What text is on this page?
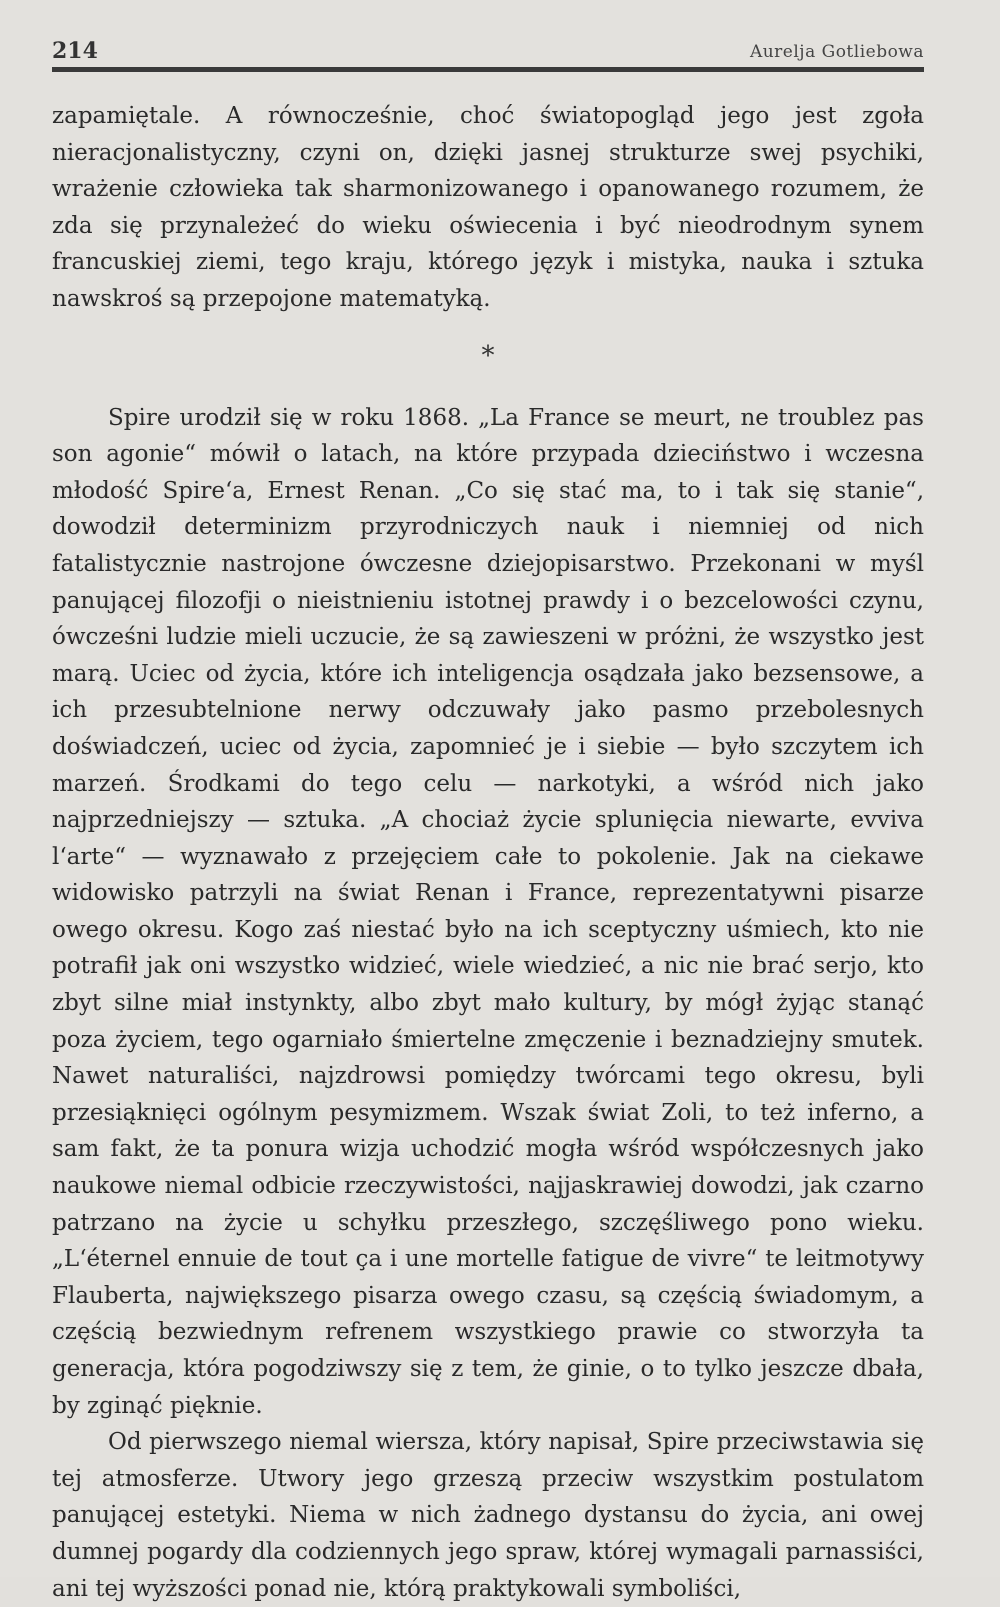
214	Aurelja Gotliebowa

zapamiętale. A równocześnie, choć światopogląd jego jest zgoła nieracjonalistyczny, czyni on, dzięki jasnej strukturze swej psychiki, wrażenie człowieka tak sharmonizowanego i opanowanego rozumem, że zda się przynależeć do wieku oświecenia i być nieodrodnym synem francuskiej ziemi, tego kraju, którego język i mistyka, nauka i sztuka nawskroś są przepojone matematyką.

*

Spire urodził się w roku 1868. „La France se meurt, ne troublez pas son agonie“ mówił o latach, na które przypada dzieciństwo i wczesna młodość Spire‘a, Ernest Renan. „Co się stać ma, to i tak się stanie“, dowodził determinizm przyrodniczych nauk i niemniej od nich fatalistycznie nastrojone ówczesne dziejopisarstwo. Przekonani w myśl panującej filozofji o nieistnieniu istotnej prawdy i o bezcelowości czynu, ówcześni ludzie mieli uczucie, że są zawieszeni w próżni, że wszystko jest marą. Uciec od życia, które ich inteligencja osądzała jako bezsensowe, a ich przesubtelnione nerwy odczuwały jako pasmo przebolesnych doświadczeń, uciec od życia, zapomnieć je i siebie — było szczytem ich marzeń. Środkami do tego celu — narkotyki, a wśród nich jako najprzedniejszy — sztuka. „A chociaż życie splunięcia niewarte, evviva l‘arte“ — wyznawało z przejęciem całe to pokolenie. Jak na ciekawe widowisko patrzyli na świat Renan i France, reprezentatywni pisarze owego okresu. Kogo zaś niestać było na ich sceptyczny uśmiech, kto nie potrafił jak oni wszystko widzieć, wiele wiedzieć, a nic nie brać serjo, kto zbyt silne miał instynkty, albo zbyt mało kultury, by mógł żyjąc stanąć poza życiem, tego ogarniało śmiertelne zmęczenie i beznadziejny smutek. Nawet naturaliści, najzdrowsi pomiędzy twórcami tego okresu, byli przesiąknięci ogólnym pesymizmem. Wszak świat Zoli, to też inferno, a sam fakt, że ta ponura wizja uchodzić mogła wśród współczesnych jako naukowe niemal odbicie rzeczywistości, najjaskrawiej dowodzi, jak czarno patrzano na życie u schyłku przeszłego, szczęśliwego pono wieku. „L‘éternel ennuie de tout ça i une mortelle fatigue de vivre“ te leitmotywy Flauberta, największego pisarza owego czasu, są częścią świadomym, a częścią bezwiednym refrenem wszystkiego prawie co stworzyła ta generacja, która pogodziwszy się z tem, że ginie, o to tylko jeszcze dbała, by zginąć pięknie.

Od pierwszego niemal wiersza, który napisał, Spire przeciwstawia się tej atmosferze. Utwory jego grzeszą przeciw wszystkim postulatom panującej estetyki. Niema w nich żadnego dystansu do życia, ani owej dumnej pogardy dla codziennych jego spraw, której wymagali parnassiści, ani tej wyższości ponad nie, którą praktykowali symboliści,
